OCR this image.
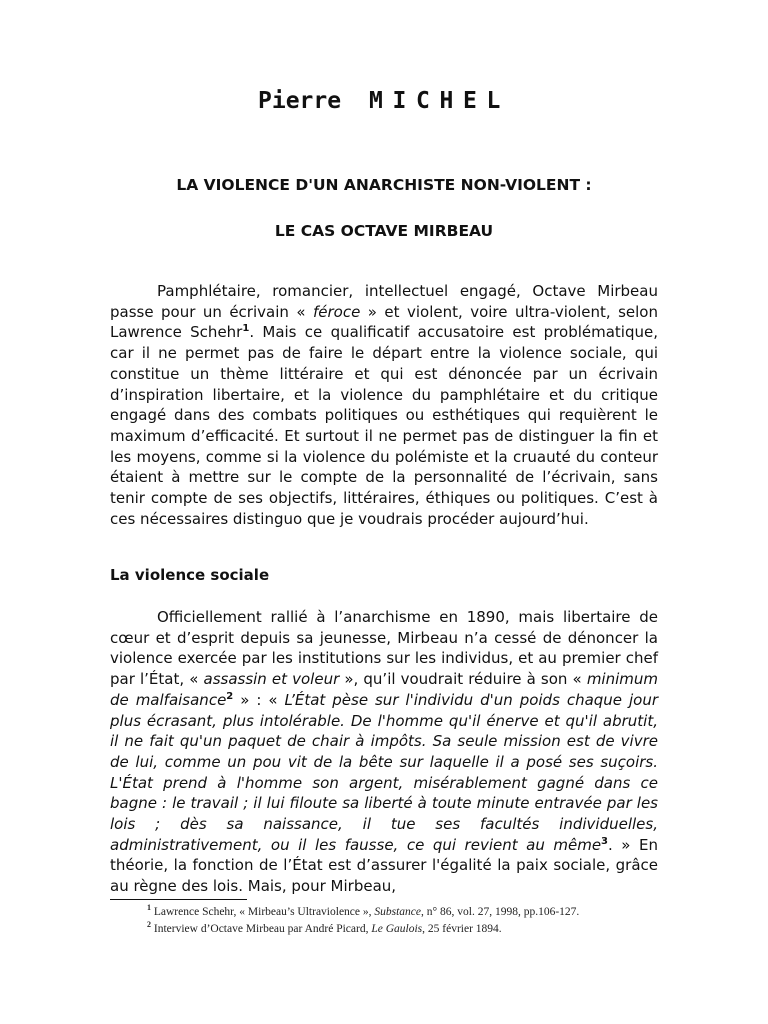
Pierre MICHEL
LA VIOLENCE D'UN ANARCHISTE NON-VIOLENT :
LE CAS OCTAVE MIRBEAU

Pamphlétaire, romancier, intellectuel engagé, Octave Mirbeau passe pour un écrivain « féroce » et violent, voire ultra-violent, selon Lawrence Schehr$^1$. Mais ce qualificatif accusatoire est problématique, car il ne permet pas de faire le départ entre la violence sociale, qui constitue un thème littéraire et qui est dénoncée par un écrivain d’inspiration libertaire, et la violence du pamphlétaire et du critique engagé dans des combats politiques ou esthétiques qui requièrent le maximum d’efficacité. Et surtout il ne permet pas de distinguer la fin et les moyens, comme si la violence du polémiste et la cruauté du conteur étaient à mettre sur le compte de la personnalité de l’écrivain, sans tenir compte de ses objectifs, littéraires, éthiques ou politiques. C’est à ces nécessaires distinguo que je voudrais procéder aujourd’hui.

La violence sociale

Officiellement rallié à l’anarchisme en 1890, mais libertaire de cœur et d’esprit depuis sa jeunesse, Mirbeau n’a cessé de dénoncer la violence exercée par les institutions sur les individus, et au premier chef par l’État, « assassin et voleur », qu’il voudrait réduire à son « minimum de malfaisance$^2$ » : « L’État pèse sur l'individu d'un poids chaque jour plus écrasant, plus intolérable. De l'homme qu'il énerve et qu'il abrutit, il ne fait qu'un paquet de chair à impôts. Sa seule mission est de vivre de lui, comme un pou vit de la bête sur laquelle il a posé ses suçoirs. L'État prend à l'homme son argent, misérablement gagné dans ce bagne : le travail ; il lui filoute sa liberté à toute minute entravée par les lois ; dès sa naissance, il tue ses facultés individuelles, administrativement, ou il les fausse, ce qui revient au même$^3$. » En théorie, la fonction de l’État est d’assurer l'égalité la paix sociale, grâce au règne des lois. Mais, pour Mirbeau,

$^1$ Lawrence Schehr, « Mirbeau’s Ultraviolence », Substance, n° 86, vol. 27, 1998, pp.106-127.
$^2$ Interview d’Octave Mirbeau par André Picard, Le Gaulois, 25 février 1894.
